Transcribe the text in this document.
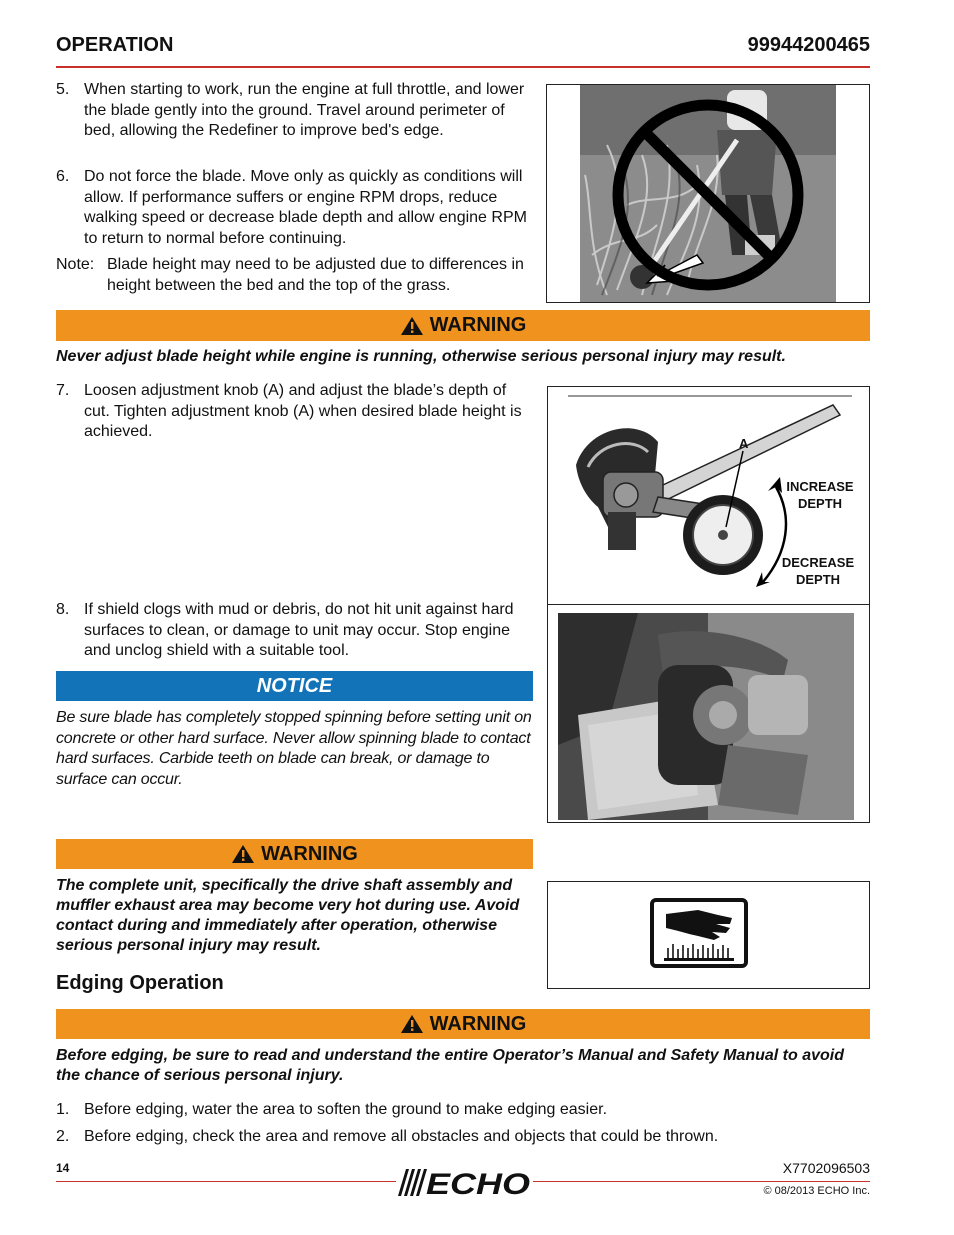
OPERATION	99944200465
5. When starting to work, run the engine at full throttle, and lower the blade gently into the ground. Travel around perimeter of bed, allowing the Redefiner to improve bed's edge.
6. Do not force the blade. Move only as quickly as conditions will allow. If performance suffers or engine RPM drops, reduce walking speed or decrease blade depth and allow engine RPM to return to normal before continuing.
Note: Blade height may need to be adjusted due to differences in height between the bed and the top of the grass.
WARNING
Never adjust blade height while engine is running, otherwise serious personal injury may result.
7. Loosen adjustment knob (A) and adjust the blade’s depth of cut. Tighten adjustment knob (A) when desired blade height is achieved.
A
INCREASE
DEPTH
DECREASE
DEPTH
8. If shield clogs with mud or debris, do not hit unit against hard surfaces to clean, or damage to unit may occur. Stop engine and unclog shield with a suitable tool.
NOTICE
Be sure blade has completely stopped spinning before setting unit on concrete or other hard surface. Never allow spinning blade to contact hard surfaces. Carbide teeth on blade can break, or damage to surface can occur.
WARNING
The complete unit, specifically the drive shaft assembly and muffler exhaust area may become very hot during use. Avoid contact during and immediately after operation, otherwise serious personal injury may result.
Edging Operation
WARNING
Before edging, be sure to read and understand the entire Operator’s Manual and Safety Manual to avoid the chance of serious personal injury.
1. Before edging, water the area to soften the ground to make edging easier.
2. Before edging, check the area and remove all obstacles and objects that could be thrown.
14	X7702096503
ECHO	© 08/2013 ECHO Inc.
